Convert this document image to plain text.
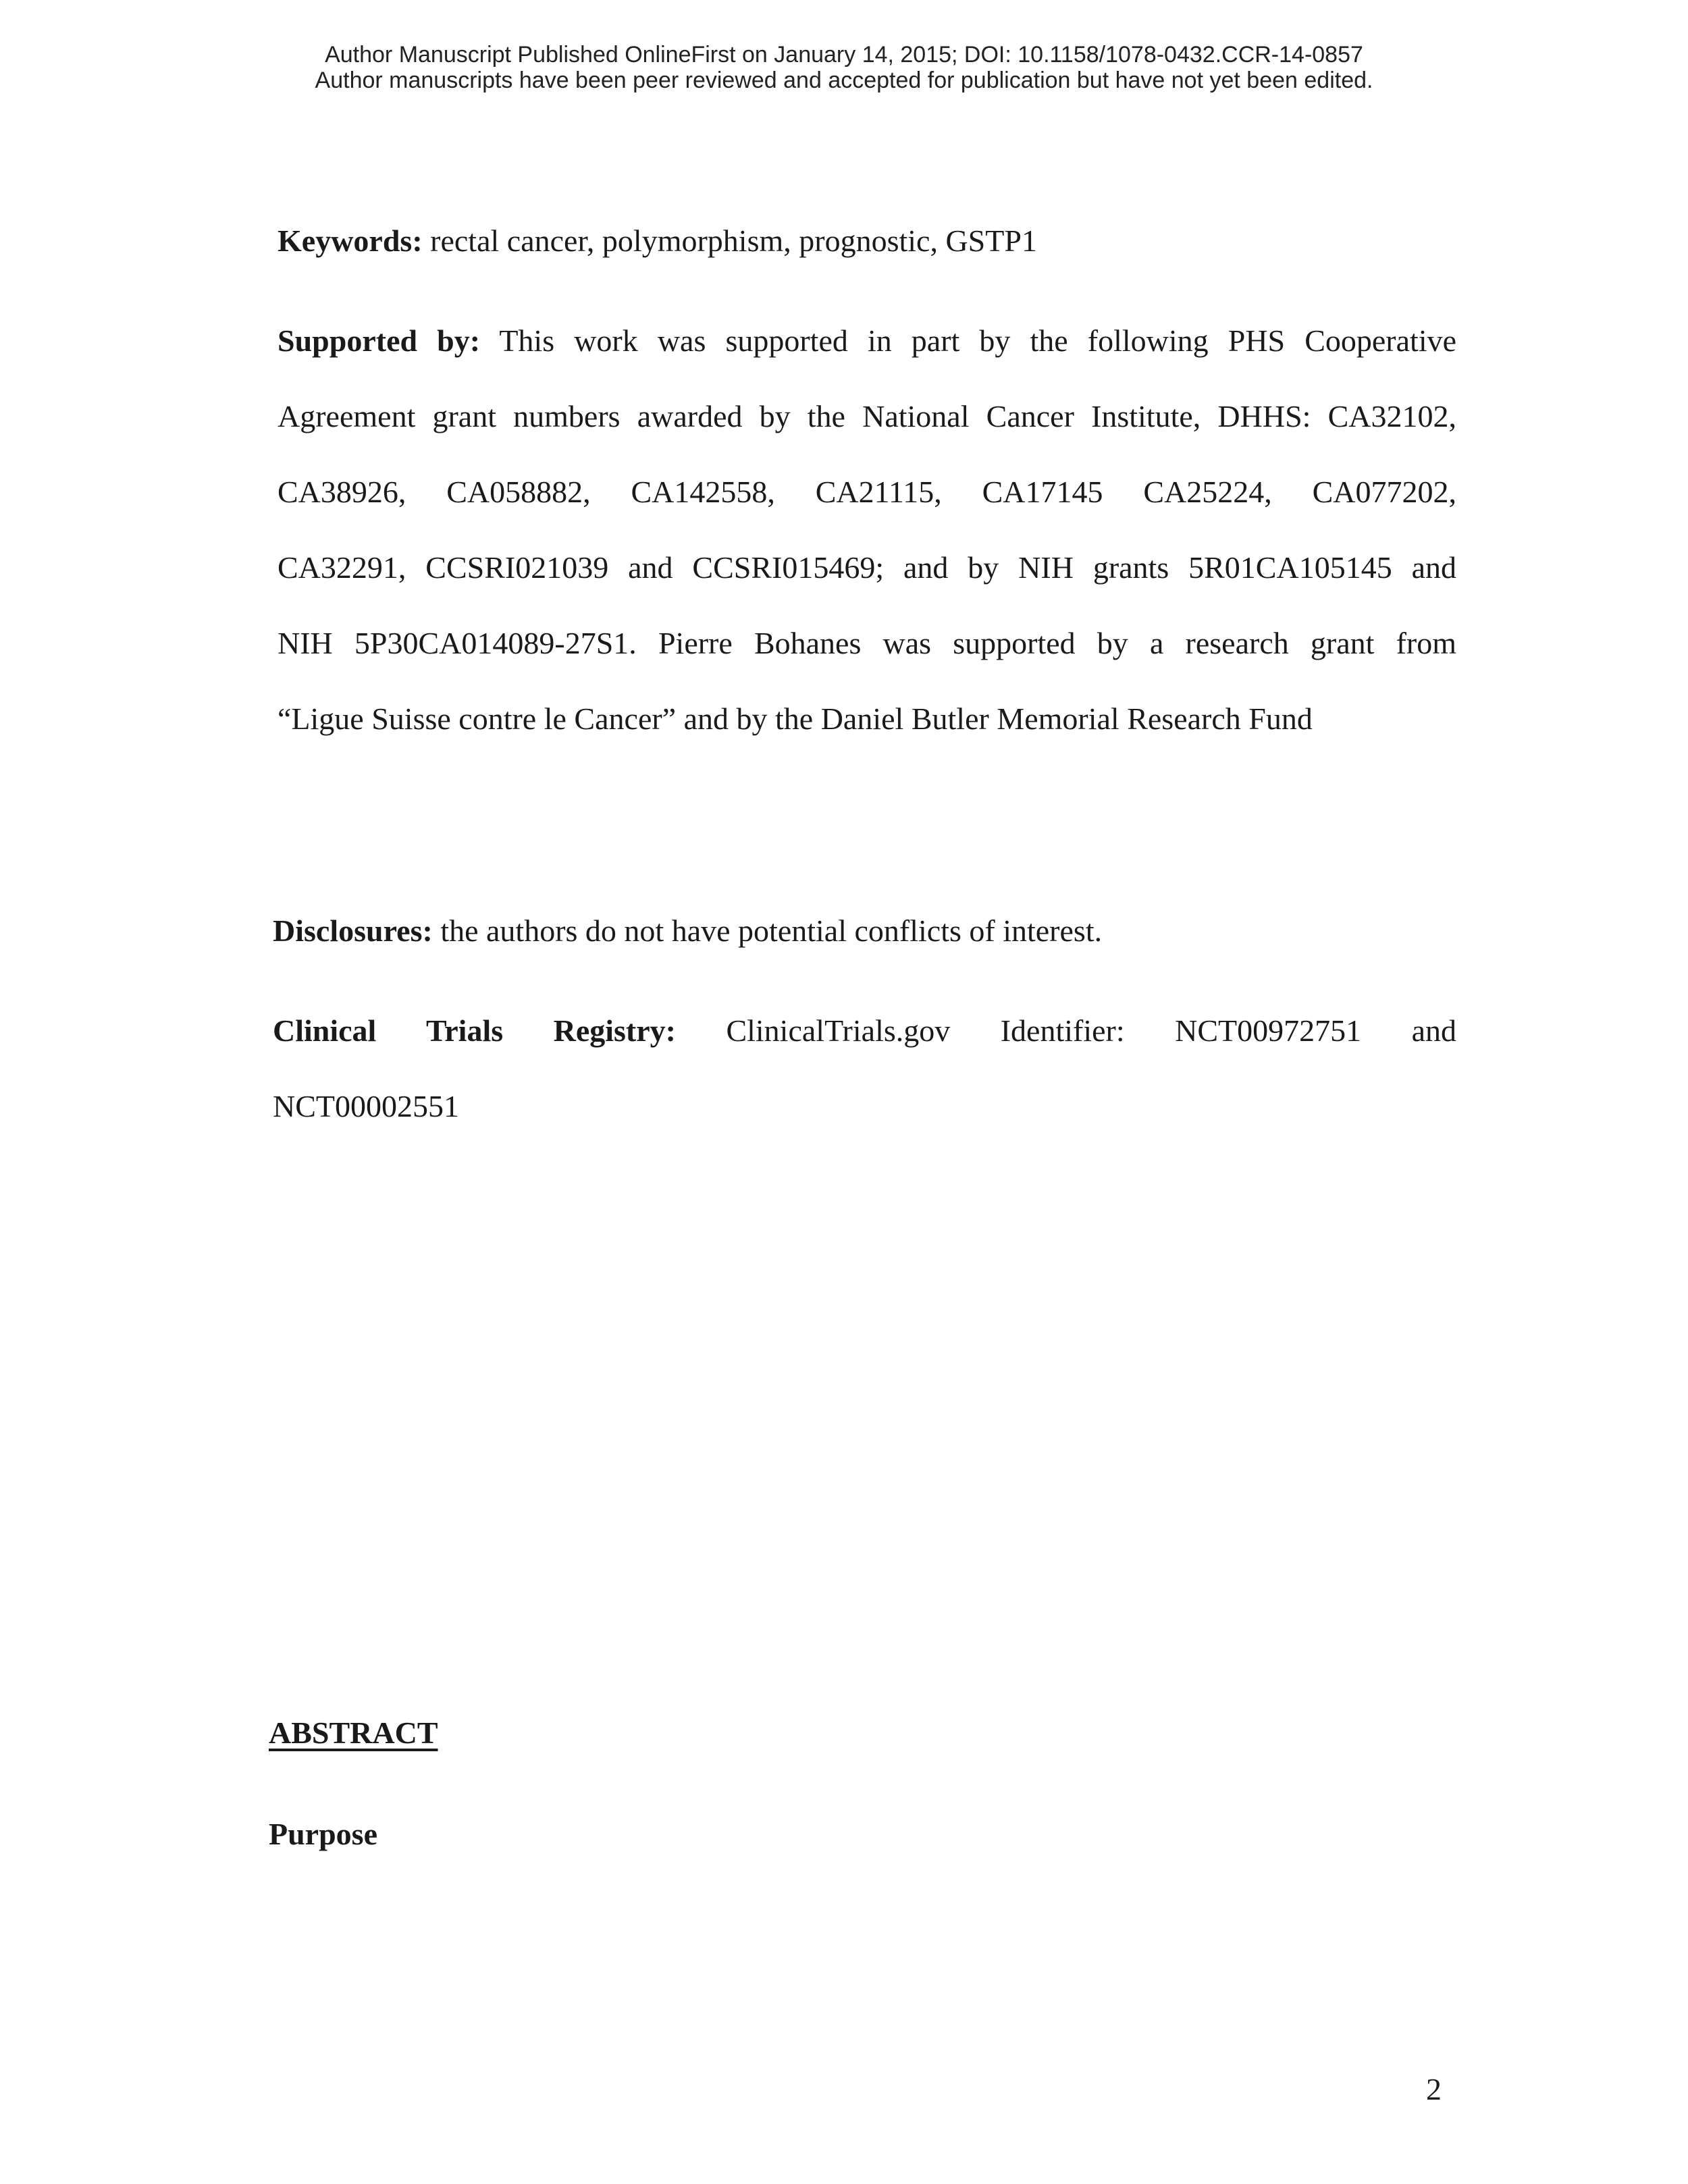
Author Manuscript Published OnlineFirst on January 14, 2015; DOI: 10.1158/1078-0432.CCR-14-0857
Author manuscripts have been peer reviewed and accepted for publication but have not yet been edited.
Keywords: rectal cancer, polymorphism, prognostic, GSTP1
Supported by: This work was supported in part by the following PHS Cooperative
Agreement grant numbers awarded by the National Cancer Institute, DHHS: CA32102,
CA38926, CA058882, CA142558, CA21115, CA17145 CA25224, CA077202,
CA32291, CCSRI021039 and CCSRI015469; and by NIH grants 5R01CA105145 and
NIH 5P30CA014089-27S1. Pierre Bohanes was supported by a research grant from
“Ligue Suisse contre le Cancer” and by the Daniel Butler Memorial Research Fund
Disclosures: the authors do not have potential conflicts of interest.
Clinical Trials Registry: ClinicalTrials.gov Identifier: NCT00972751 and
NCT00002551
ABSTRACT
Purpose
2
